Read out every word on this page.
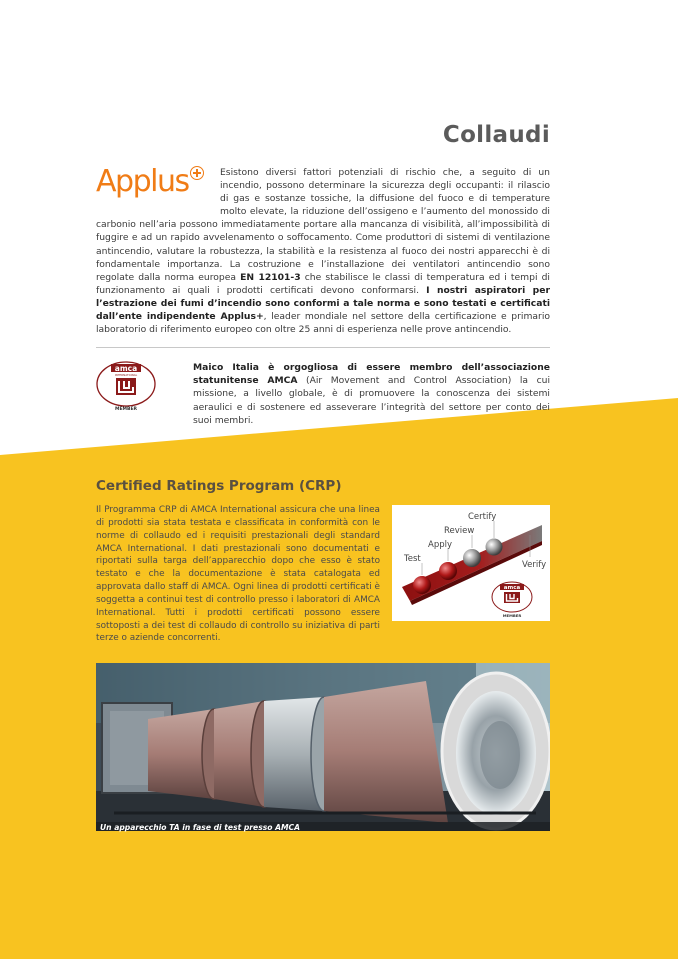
Collaudi
Applus	Esistono diversi fattori potenziali di rischio che, a seguito di un incendio, possono determinare la sicurezza degli occupanti: il rilascio di gas e sostanze tossiche, la diffusione del fuoco e di temperature molto elevate, la riduzione dell’ossigeno e l’aumento del monossido di carbonio nell’aria possono immediatamente portare alla mancanza di visibilità, all’impossibilità di fuggire e ad un rapido avvelenamento o soffocamento. Come produttori di sistemi di ventilazione antincendio, valutare la robustezza, la stabilità e la resistenza al fuoco dei nostri apparecchi è di fondamentale importanza. La costruzione e l’installazione dei ventilatori antincendio sono regolate dalla norma europea EN 12101-3 che stabilisce le classi di temperatura ed i tempi di funzionamento ai quali i prodotti certificati devono conformarsi. I nostri aspiratori per l’estrazione dei fumi d’incendio sono conformi a tale norma e sono testati e certificati dall’ente indipendente Applus+, leader mondiale nel settore della certificazione e primario laboratorio di riferimento europeo con oltre 25 anni di esperienza nelle prove antincendio.

amca
INTERNATIONAL
MEMBER

Maico Italia è orgogliosa di essere membro dell’associazione statunitense AMCA (Air Movement and Control Association) la cui missione, a livello globale, è di promuovere la conoscenza dei sistemi aeraulici e di sostenere ed asseverare l’integrità del settore per conto dei suoi membri.

Certified Ratings Program (CRP)

Il Programma CRP di AMCA International assicura che una linea di prodotti sia stata testata e classificata in conformità con le norme di collaudo ed i requisiti prestazionali degli standard AMCA International. I dati prestazionali sono documentati e riportati sulla targa dell’apparecchio dopo che esso è stato testato e che la documentazione è stata catalogata ed approvata dallo staff di AMCA. Ogni linea di prodotti certificati è soggetta a continui test di controllo presso i laboratori di AMCA International. Tutti i prodotti certificati possono essere sottoposti a dei test di collaudo di controllo su iniziativa di parti terze o aziende concorrenti.

Test
Apply
Review
Certify
Verify
amca
MEMBER
Un apparecchio TA in fase di test presso AMCA
